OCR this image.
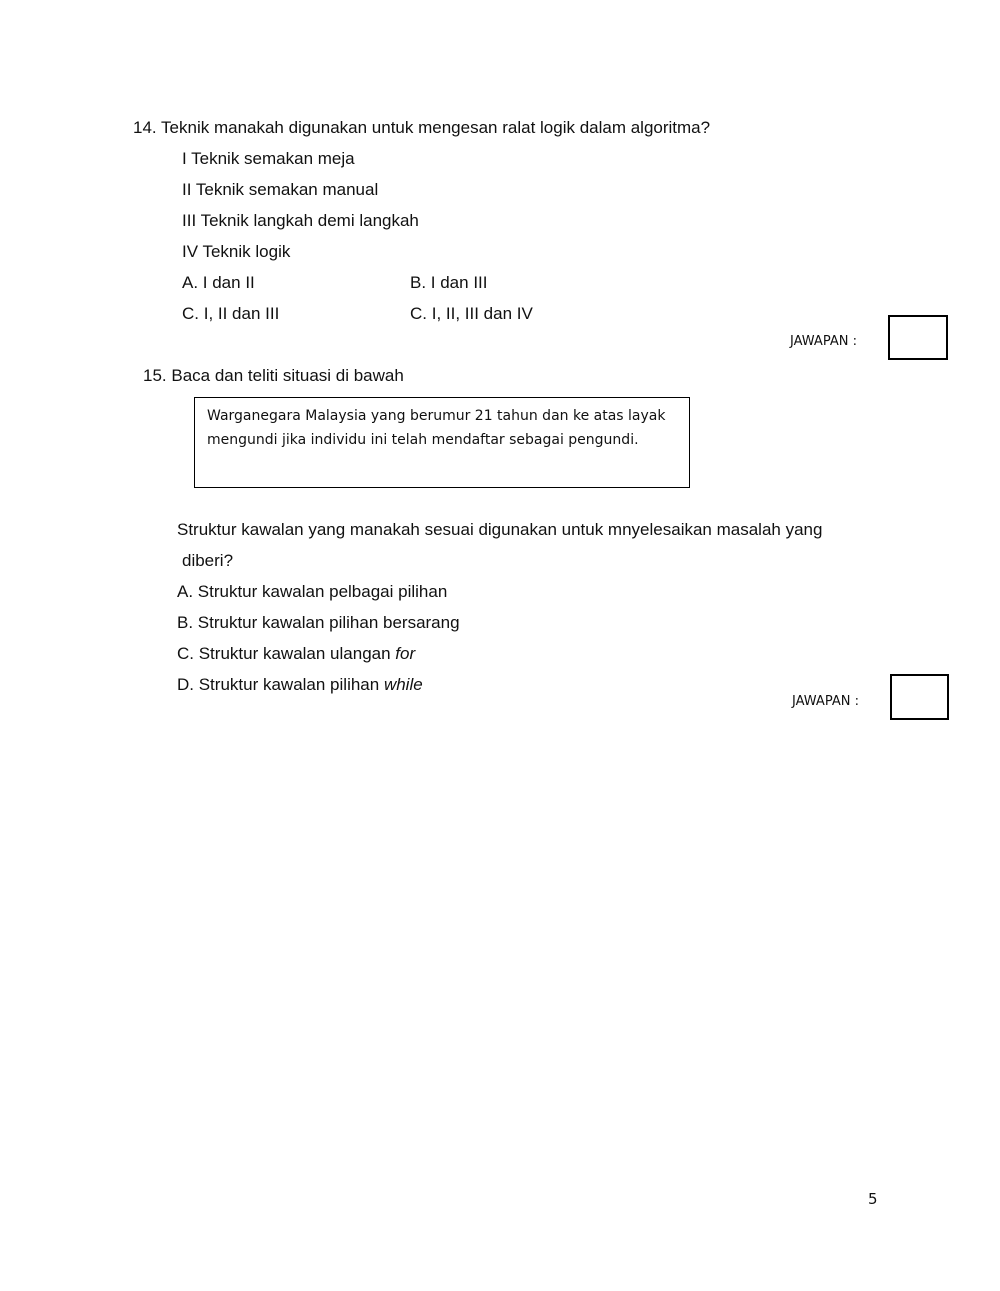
14. Teknik manakah digunakan untuk mengesan ralat logik dalam algoritma?
I Teknik semakan meja
II Teknik semakan manual
III Teknik langkah demi langkah
IV Teknik logik
A. I dan II	B. I dan III
C. I, II dan III	C. I, II, III dan IV
JAWAPAN :
15. Baca dan teliti situasi di bawah

Warganegara Malaysia yang berumur 21 tahun dan ke atas layak mengundi jika individu ini telah mendaftar sebagai pengundi.

Struktur kawalan yang manakah sesuai digunakan untuk mnyelesaikan masalah yang
diberi?
A. Struktur kawalan pelbagai pilihan
B. Struktur kawalan pilihan bersarang
C. Struktur kawalan ulangan for
D. Struktur kawalan pilihan while
JAWAPAN :
5
